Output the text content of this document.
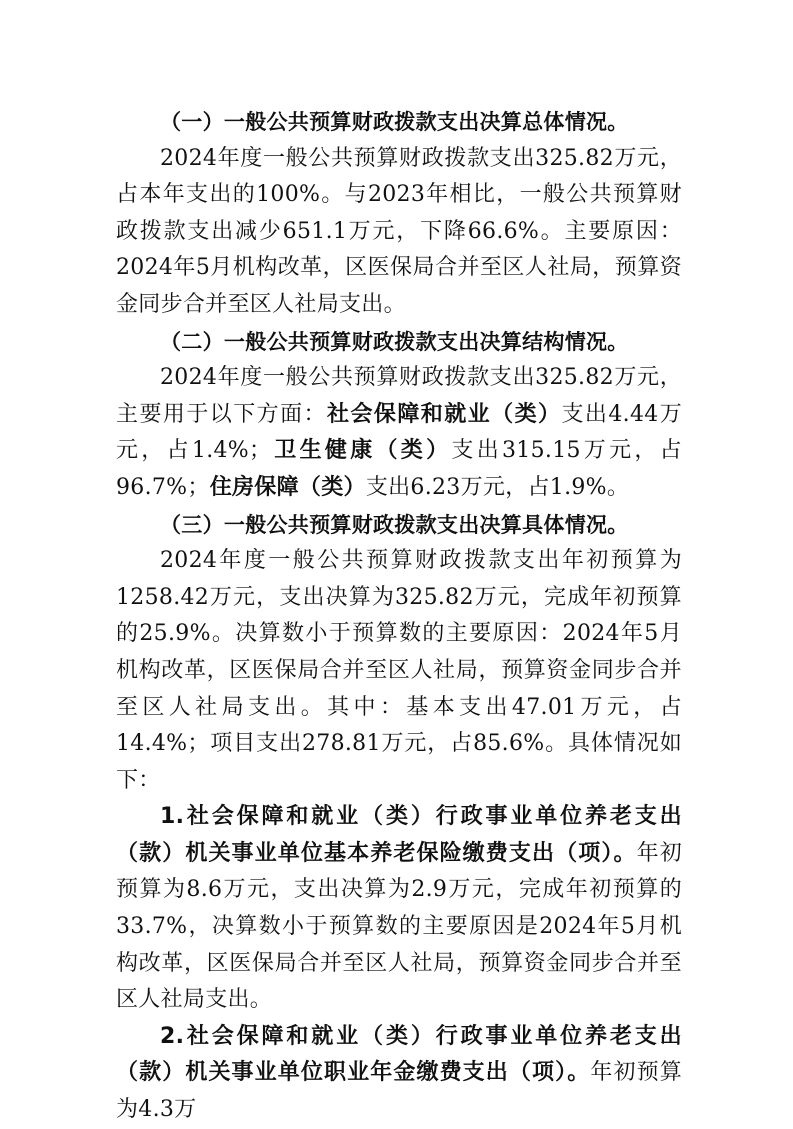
（一）一般公共预算财政拨款支出决算总体情况。

2024年度一般公共预算财政拨款支出325.82万元，占本年支出的100%。与2023年相比，一般公共预算财政拨款支出减少651.1万元，下降66.6%。主要原因：2024年5月机构改革，区医保局合并至区人社局，预算资金同步合并至区人社局支出。

（二）一般公共预算财政拨款支出决算结构情况。

2024年度一般公共预算财政拨款支出325.82万元，主要用于以下方面：社会保障和就业（类）支出4.44万元，占1.4%；卫生健康（类）支出315.15万元，占96.7%；住房保障（类）支出6.23万元，占1.9%。

（三）一般公共预算财政拨款支出决算具体情况。

2024年度一般公共预算财政拨款支出年初预算为1258.42万元，支出决算为325.82万元，完成年初预算的25.9%。决算数小于预算数的主要原因：2024年5月机构改革，区医保局合并至区人社局，预算资金同步合并至区人社局支出。其中：基本支出47.01万元，占14.4%；项目支出278.81万元，占85.6%。具体情况如下：

1.社会保障和就业（类）行政事业单位养老支出（款）机关事业单位基本养老保险缴费支出（项）。年初预算为8.6万元，支出决算为2.9万元，完成年初预算的33.7%，决算数小于预算数的主要原因是2024年5月机构改革，区医保局合并至区人社局，预算资金同步合并至区人社局支出。

2.社会保障和就业（类）行政事业单位养老支出（款）机关事业单位职业年金缴费支出（项）。年初预算为4.3万
